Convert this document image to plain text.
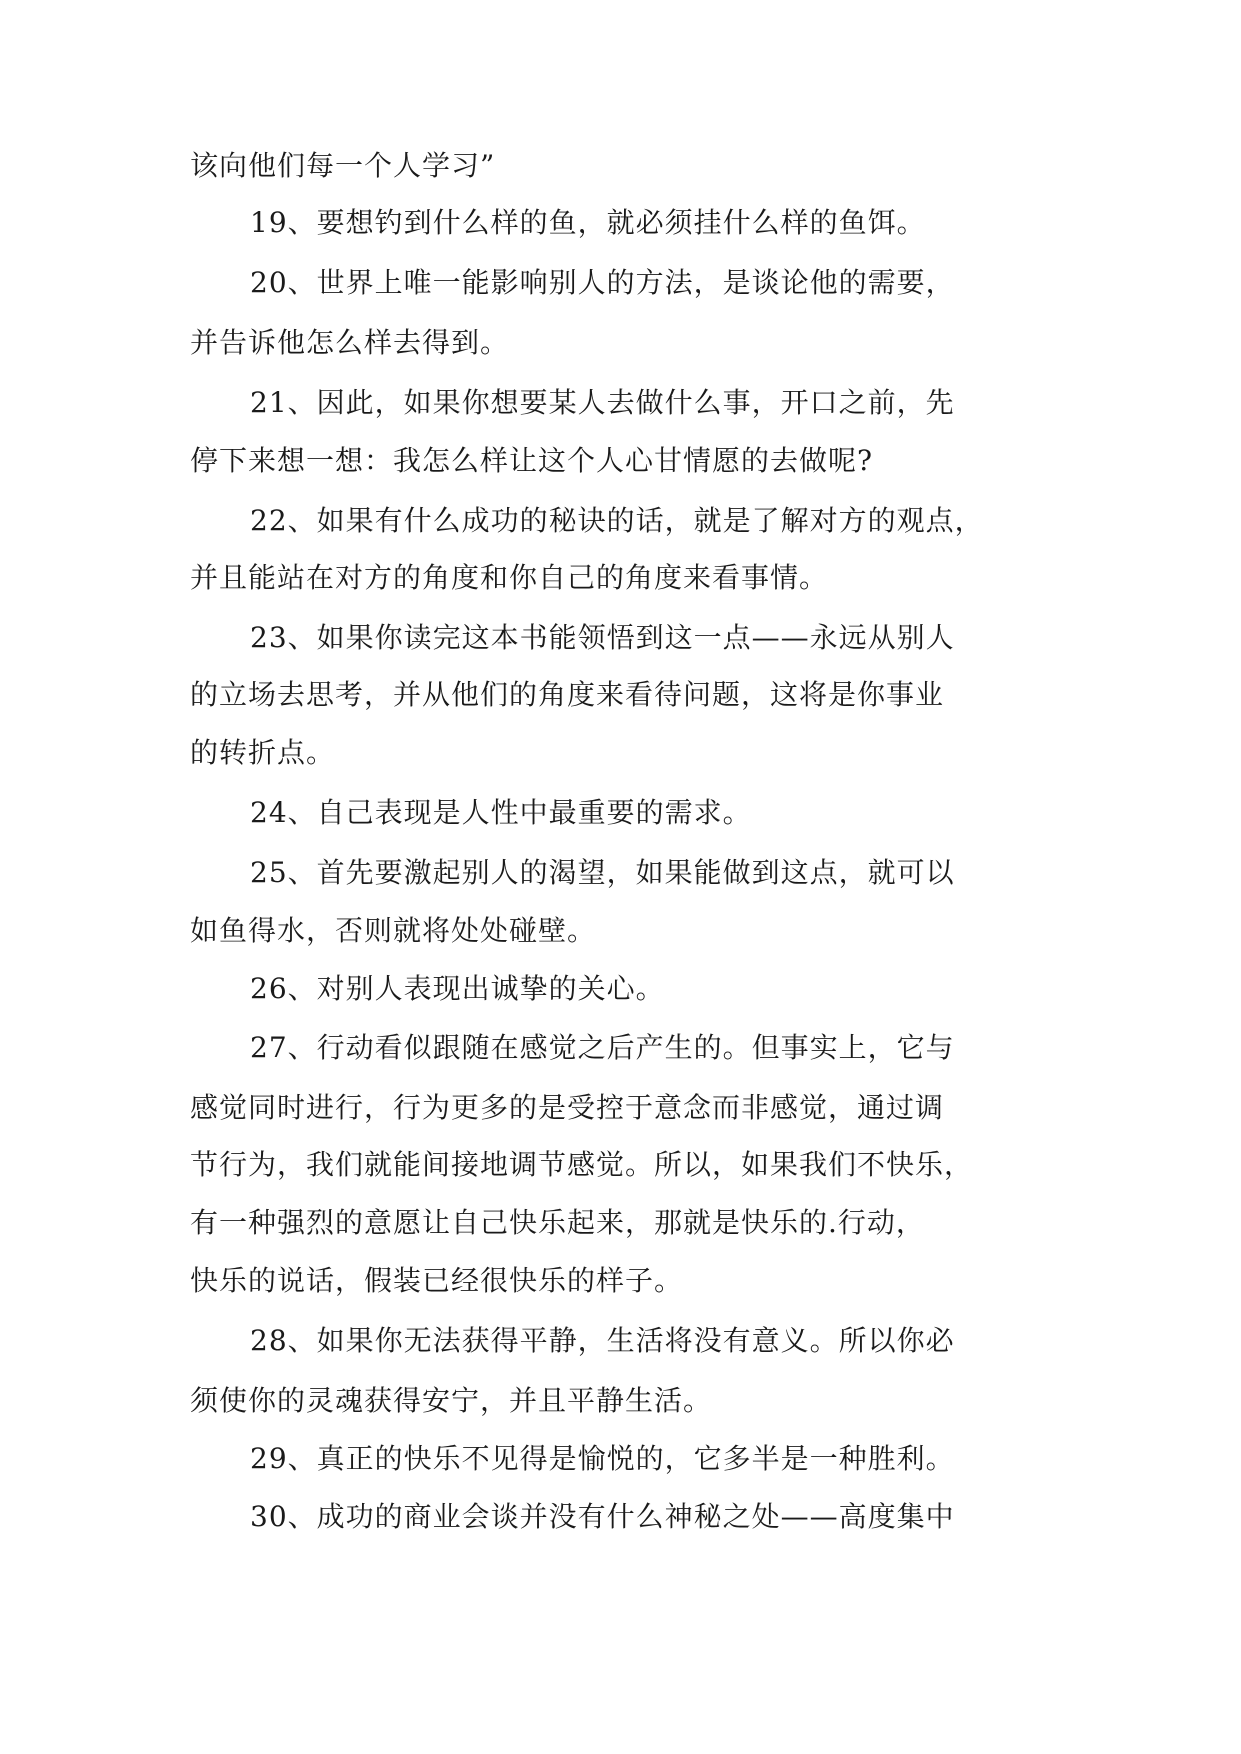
该向他们每一个人学习”
19、要想钓到什么样的鱼，就必须挂什么样的鱼饵。
20、世界上唯一能影响别人的方法，是谈论他的需要，
并告诉他怎么样去得到。
21、因此，如果你想要某人去做什么事，开口之前，先
停下来想一想：我怎么样让这个人心甘情愿的去做呢?
22、如果有什么成功的秘诀的话，就是了解对方的观点，
并且能站在对方的角度和你自己的角度来看事情。
23、如果你读完这本书能领悟到这一点——永远从别人
的立场去思考，并从他们的角度来看待问题，这将是你事业
的转折点。
24、自己表现是人性中最重要的需求。
25、首先要激起别人的渴望，如果能做到这点，就可以
如鱼得水，否则就将处处碰壁。
26、对别人表现出诚挚的关心。
27、行动看似跟随在感觉之后产生的。但事实上，它与
感觉同时进行，行为更多的是受控于意念而非感觉，通过调
节行为，我们就能间接地调节感觉。所以，如果我们不快乐，
有一种强烈的意愿让自己快乐起来，那就是快乐的.行动，
快乐的说话，假装已经很快乐的样子。
28、如果你无法获得平静，生活将没有意义。所以你必
须使你的灵魂获得安宁，并且平静生活。
29、真正的快乐不见得是愉悦的，它多半是一种胜利。
30、成功的商业会谈并没有什么神秘之处——高度集中
